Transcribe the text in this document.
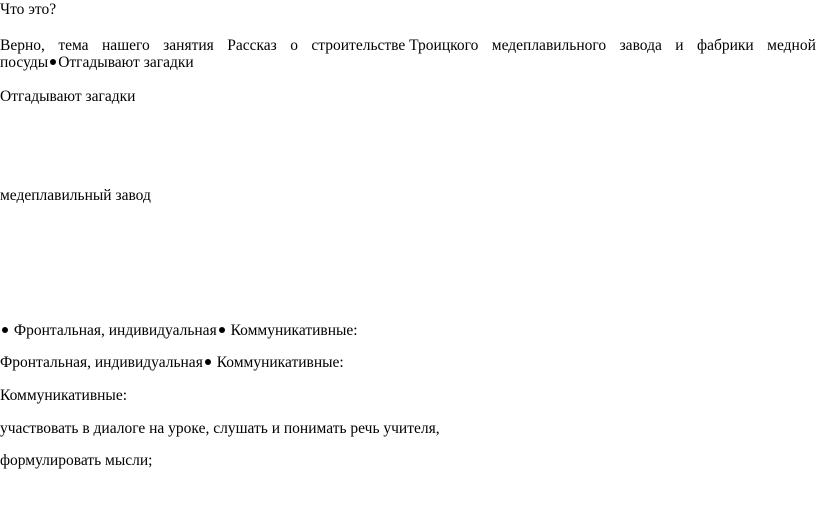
Что это?
Верно, тема нашего занятия Рассказ о строительстве Троицкого медеплавильного завода и фабрики медной
посуды Отгадывают загадки
Отгадывают загадки
медеплавильный завод
Фронтальная, индивидуальная Коммуникативные:
Фронтальная, индивидуальная Коммуникативные:
Коммуникативные:
участвовать в диалоге на уроке, слушать и понимать речь учителя,
формулировать мысли;
